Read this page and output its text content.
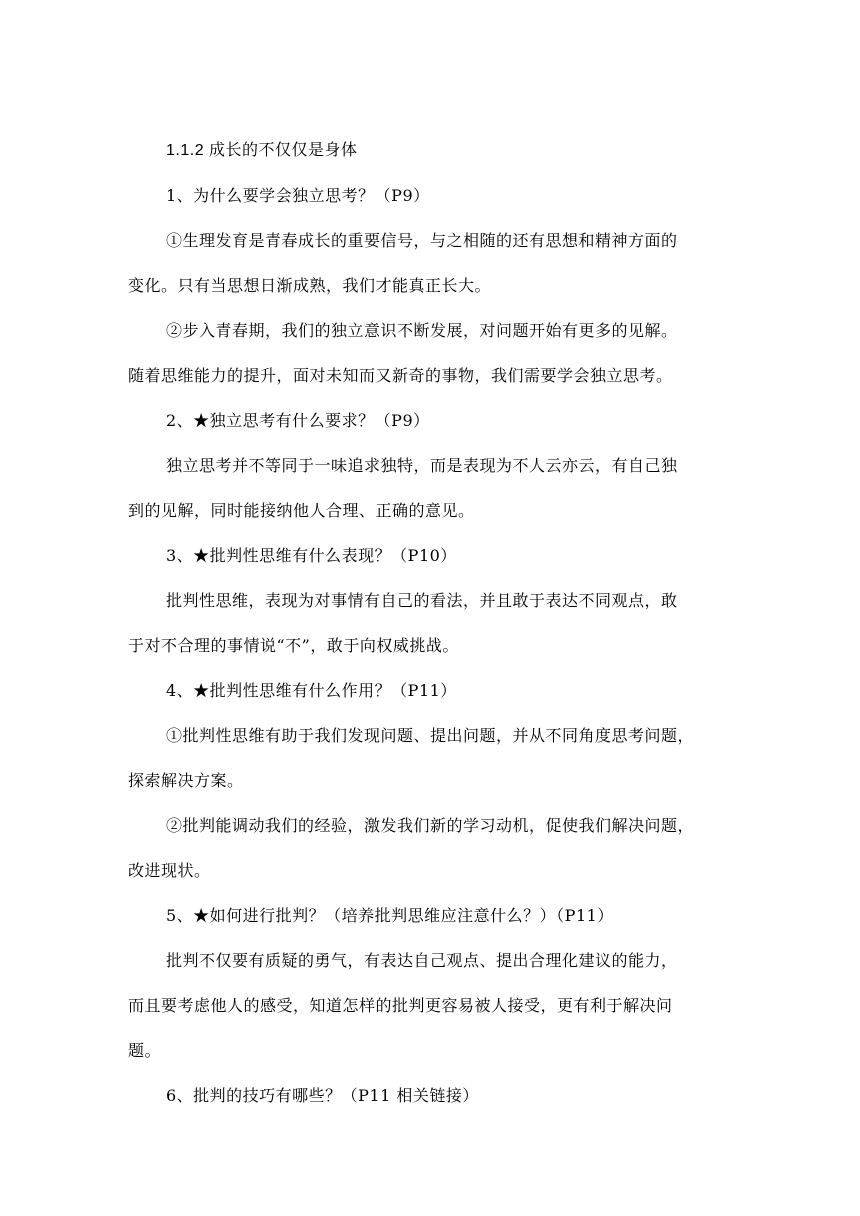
1.1.2 成长的不仅仅是身体
1、为什么要学会独立思考？（P9）
①生理发育是青春成长的重要信号，与之相随的还有思想和精神方面的
变化。只有当思想日渐成熟，我们才能真正长大。
②步入青春期，我们的独立意识不断发展，对问题开始有更多的见解。
随着思维能力的提升，面对未知而又新奇的事物，我们需要学会独立思考。
2、★独立思考有什么要求？（P9）
独立思考并不等同于一味追求独特，而是表现为不人云亦云，有自己独
到的见解，同时能接纳他人合理、正确的意见。
3、★批判性思维有什么表现？（P10）
批判性思维，表现为对事情有自己的看法，并且敢于表达不同观点，敢
于对不合理的事情说“不”，敢于向权威挑战。
4、★批判性思维有什么作用？（P11）
①批判性思维有助于我们发现问题、提出问题，并从不同角度思考问题，
探索解决方案。
②批判能调动我们的经验，激发我们新的学习动机，促使我们解决问题，
改进现状。
5、★如何进行批判？（培养批判思维应注意什么？）（P11）
批判不仅要有质疑的勇气，有表达自己观点、提出合理化建议的能力，
而且要考虑他人的感受，知道怎样的批判更容易被人接受，更有利于解决问
题。
6、批判的技巧有哪些？（P11 相关链接）
